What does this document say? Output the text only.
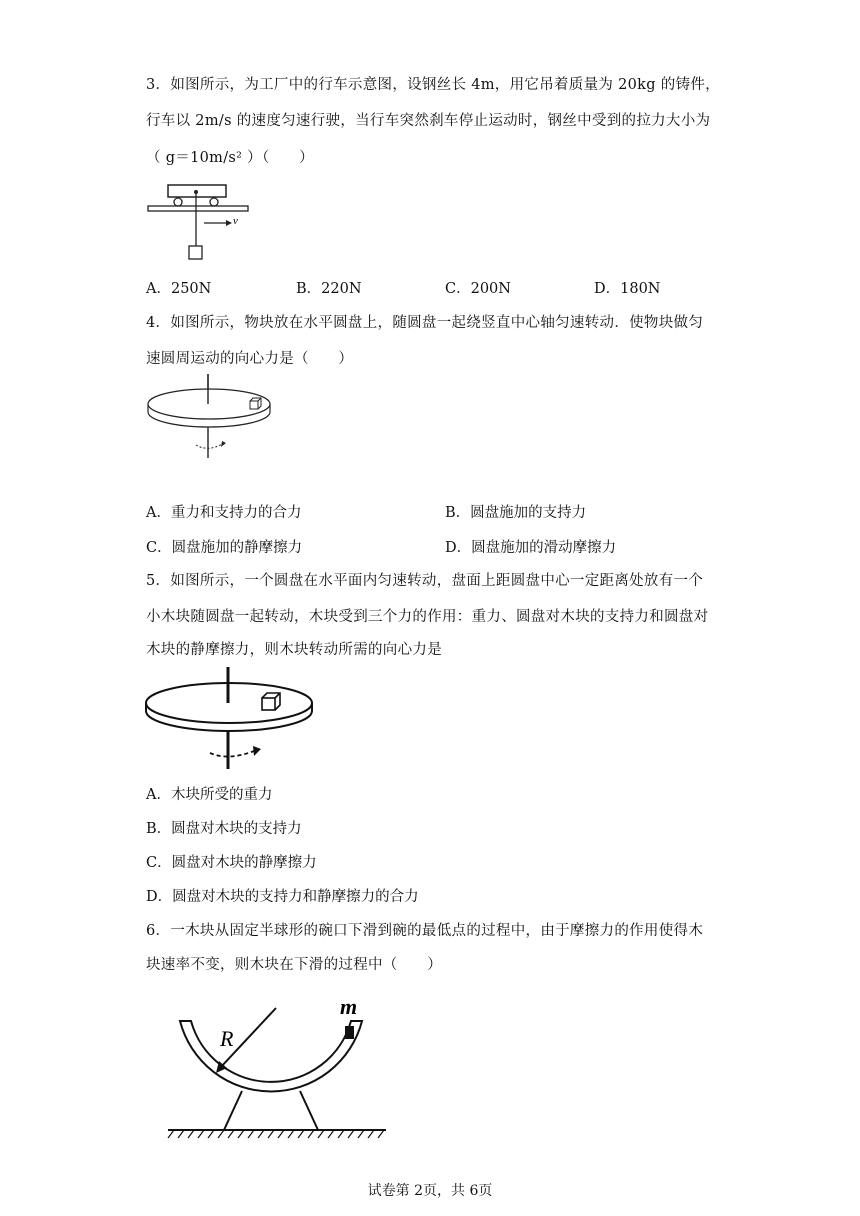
3．如图所示，为工厂中的行车示意图，设钢丝长 4m，用它吊着质量为 20kg 的铸件，
行车以 2m/s 的速度匀速行驶，当行车突然刹车停止运动时，钢丝中受到的拉力大小为
（ g＝10m/s² ）（　　）
v
A．250N	B．220N	C．200N	D．180N
4．如图所示，物块放在水平圆盘上，随圆盘一起绕竖直中心轴匀速转动．使物块做匀
速圆周运动的向心力是（　　）
A．重力和支持力的合力	B．圆盘施加的支持力
C．圆盘施加的静摩擦力	D．圆盘施加的滑动摩擦力
5．如图所示，一个圆盘在水平面内匀速转动，盘面上距圆盘中心一定距离处放有一个
小木块随圆盘一起转动，木块受到三个力的作用：重力、圆盘对木块的支持力和圆盘对
木块的静摩擦力，则木块转动所需的向心力是
A．木块所受的重力
B．圆盘对木块的支持力
C．圆盘对木块的静摩擦力
D．圆盘对木块的支持力和静摩擦力的合力
6．一木块从固定半球形的碗口下滑到碗的最低点的过程中，由于摩擦力的作用使得木
块速率不变，则木块在下滑的过程中（　　）
R
m
试卷第 2页，共 6页
